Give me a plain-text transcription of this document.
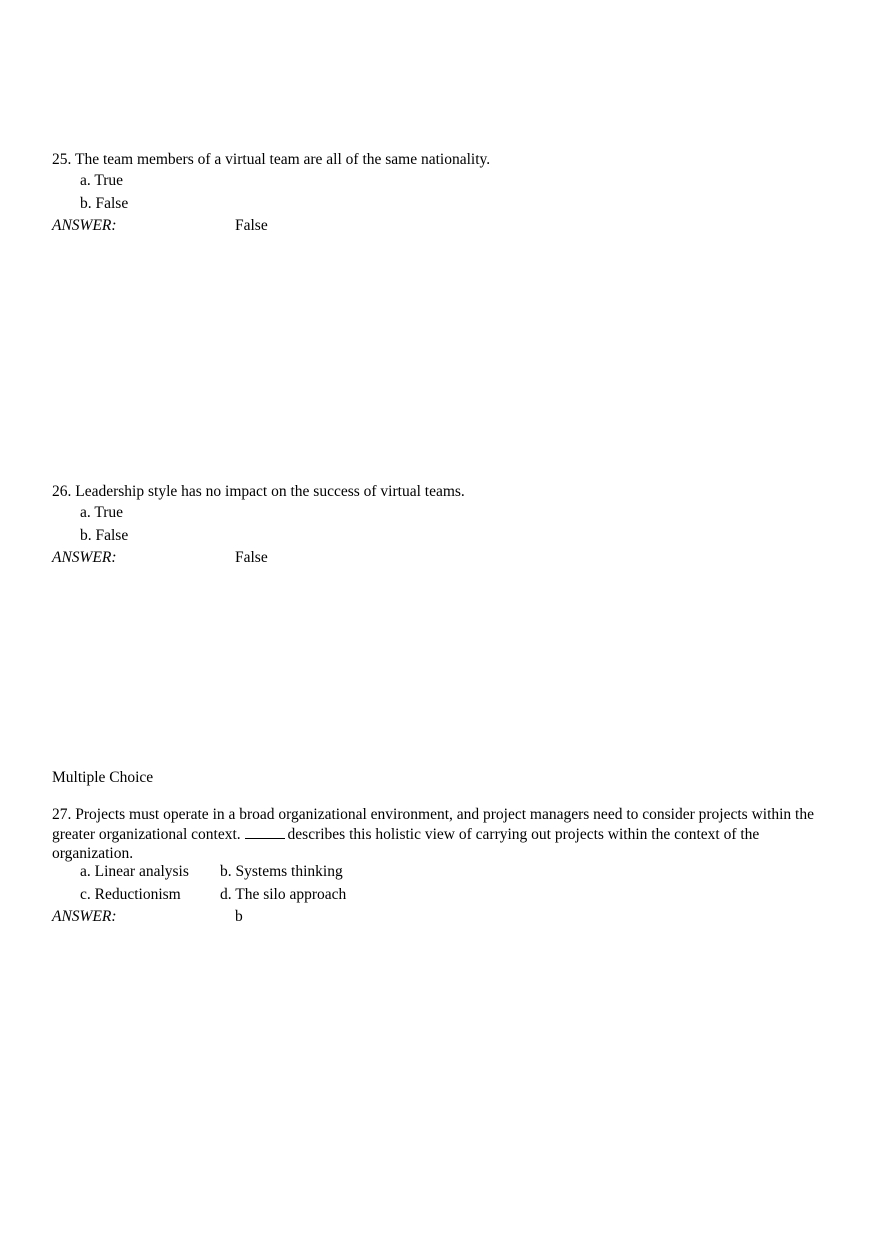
25. The team members of a virtual team are all of the same nationality.
a. True
b. False
ANSWER:	False
26. Leadership style has no impact on the success of virtual teams.
a. True
b. False
ANSWER:	False
Multiple Choice
27. Projects must operate in a broad organizational environment, and project managers need to consider projects within the greater organizational context.	describes this holistic view of carrying out projects within the context of the organization.
a. Linear analysis b. Systems thinking
c. Reductionism	d. The silo approach
ANSWER:	b
